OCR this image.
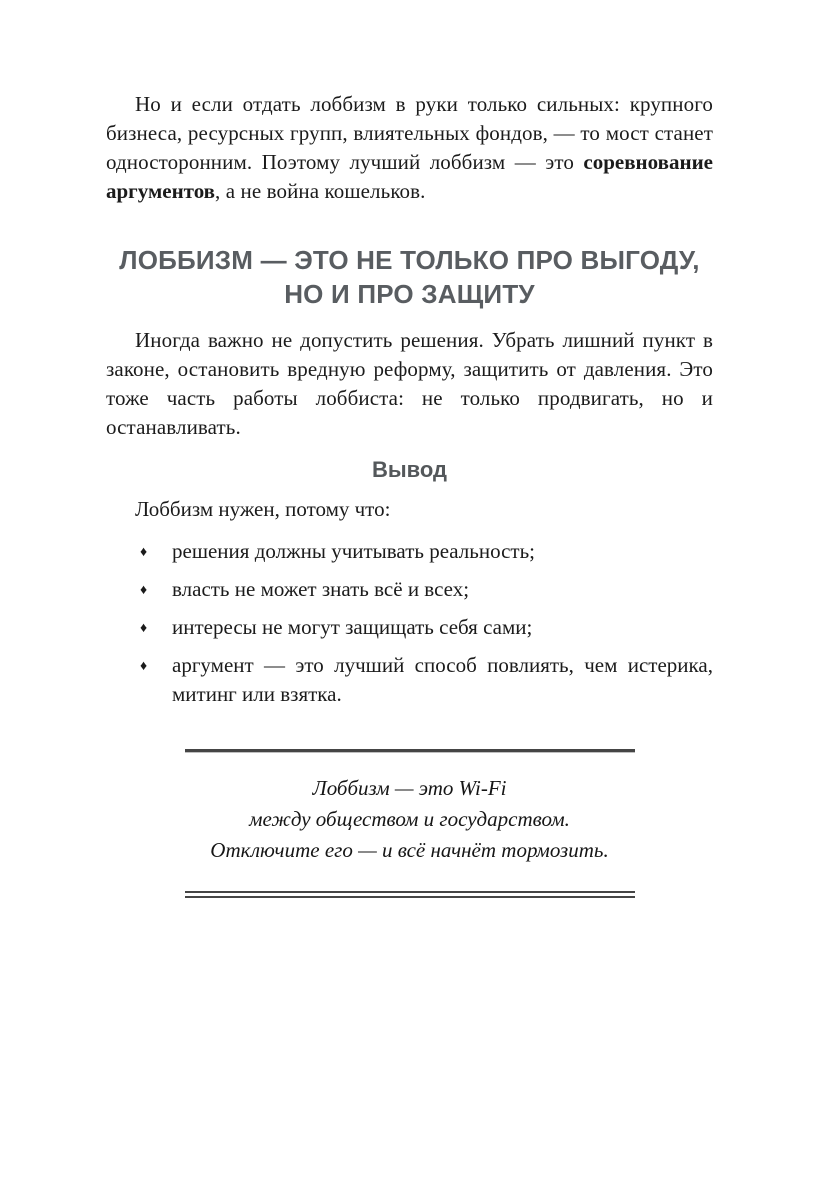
Но и если отдать лоббизм в руки только сильных: крупного бизнеса, ресурсных групп, влиятельных фондов, — то мост станет односторонним. Поэтому лучший лоббизм — это соревнование аргументов, а не война кошельков.

ЛОББИЗМ — ЭТО НЕ ТОЛЬКО ПРО ВЫГОДУ,
НО И ПРО ЗАЩИТУ

Иногда важно не допустить решения. Убрать лишний пункт в законе, остановить вредную реформу, защитить от давления. Это тоже часть работы лоббиста: не только продвигать, но и останавливать.

Вывод

Лоббизм нужен, потому что:

♦ решения должны учитывать реальность;
♦ власть не может знать всё и всех;
♦ интересы не могут защищать себя сами;
♦ аргумент — это лучший способ повлиять, чем истерика, митинг или взятка.
Лоббизм — это Wi-Fi
между обществом и государством.
Отключите его — и всё начнёт тормозить.
